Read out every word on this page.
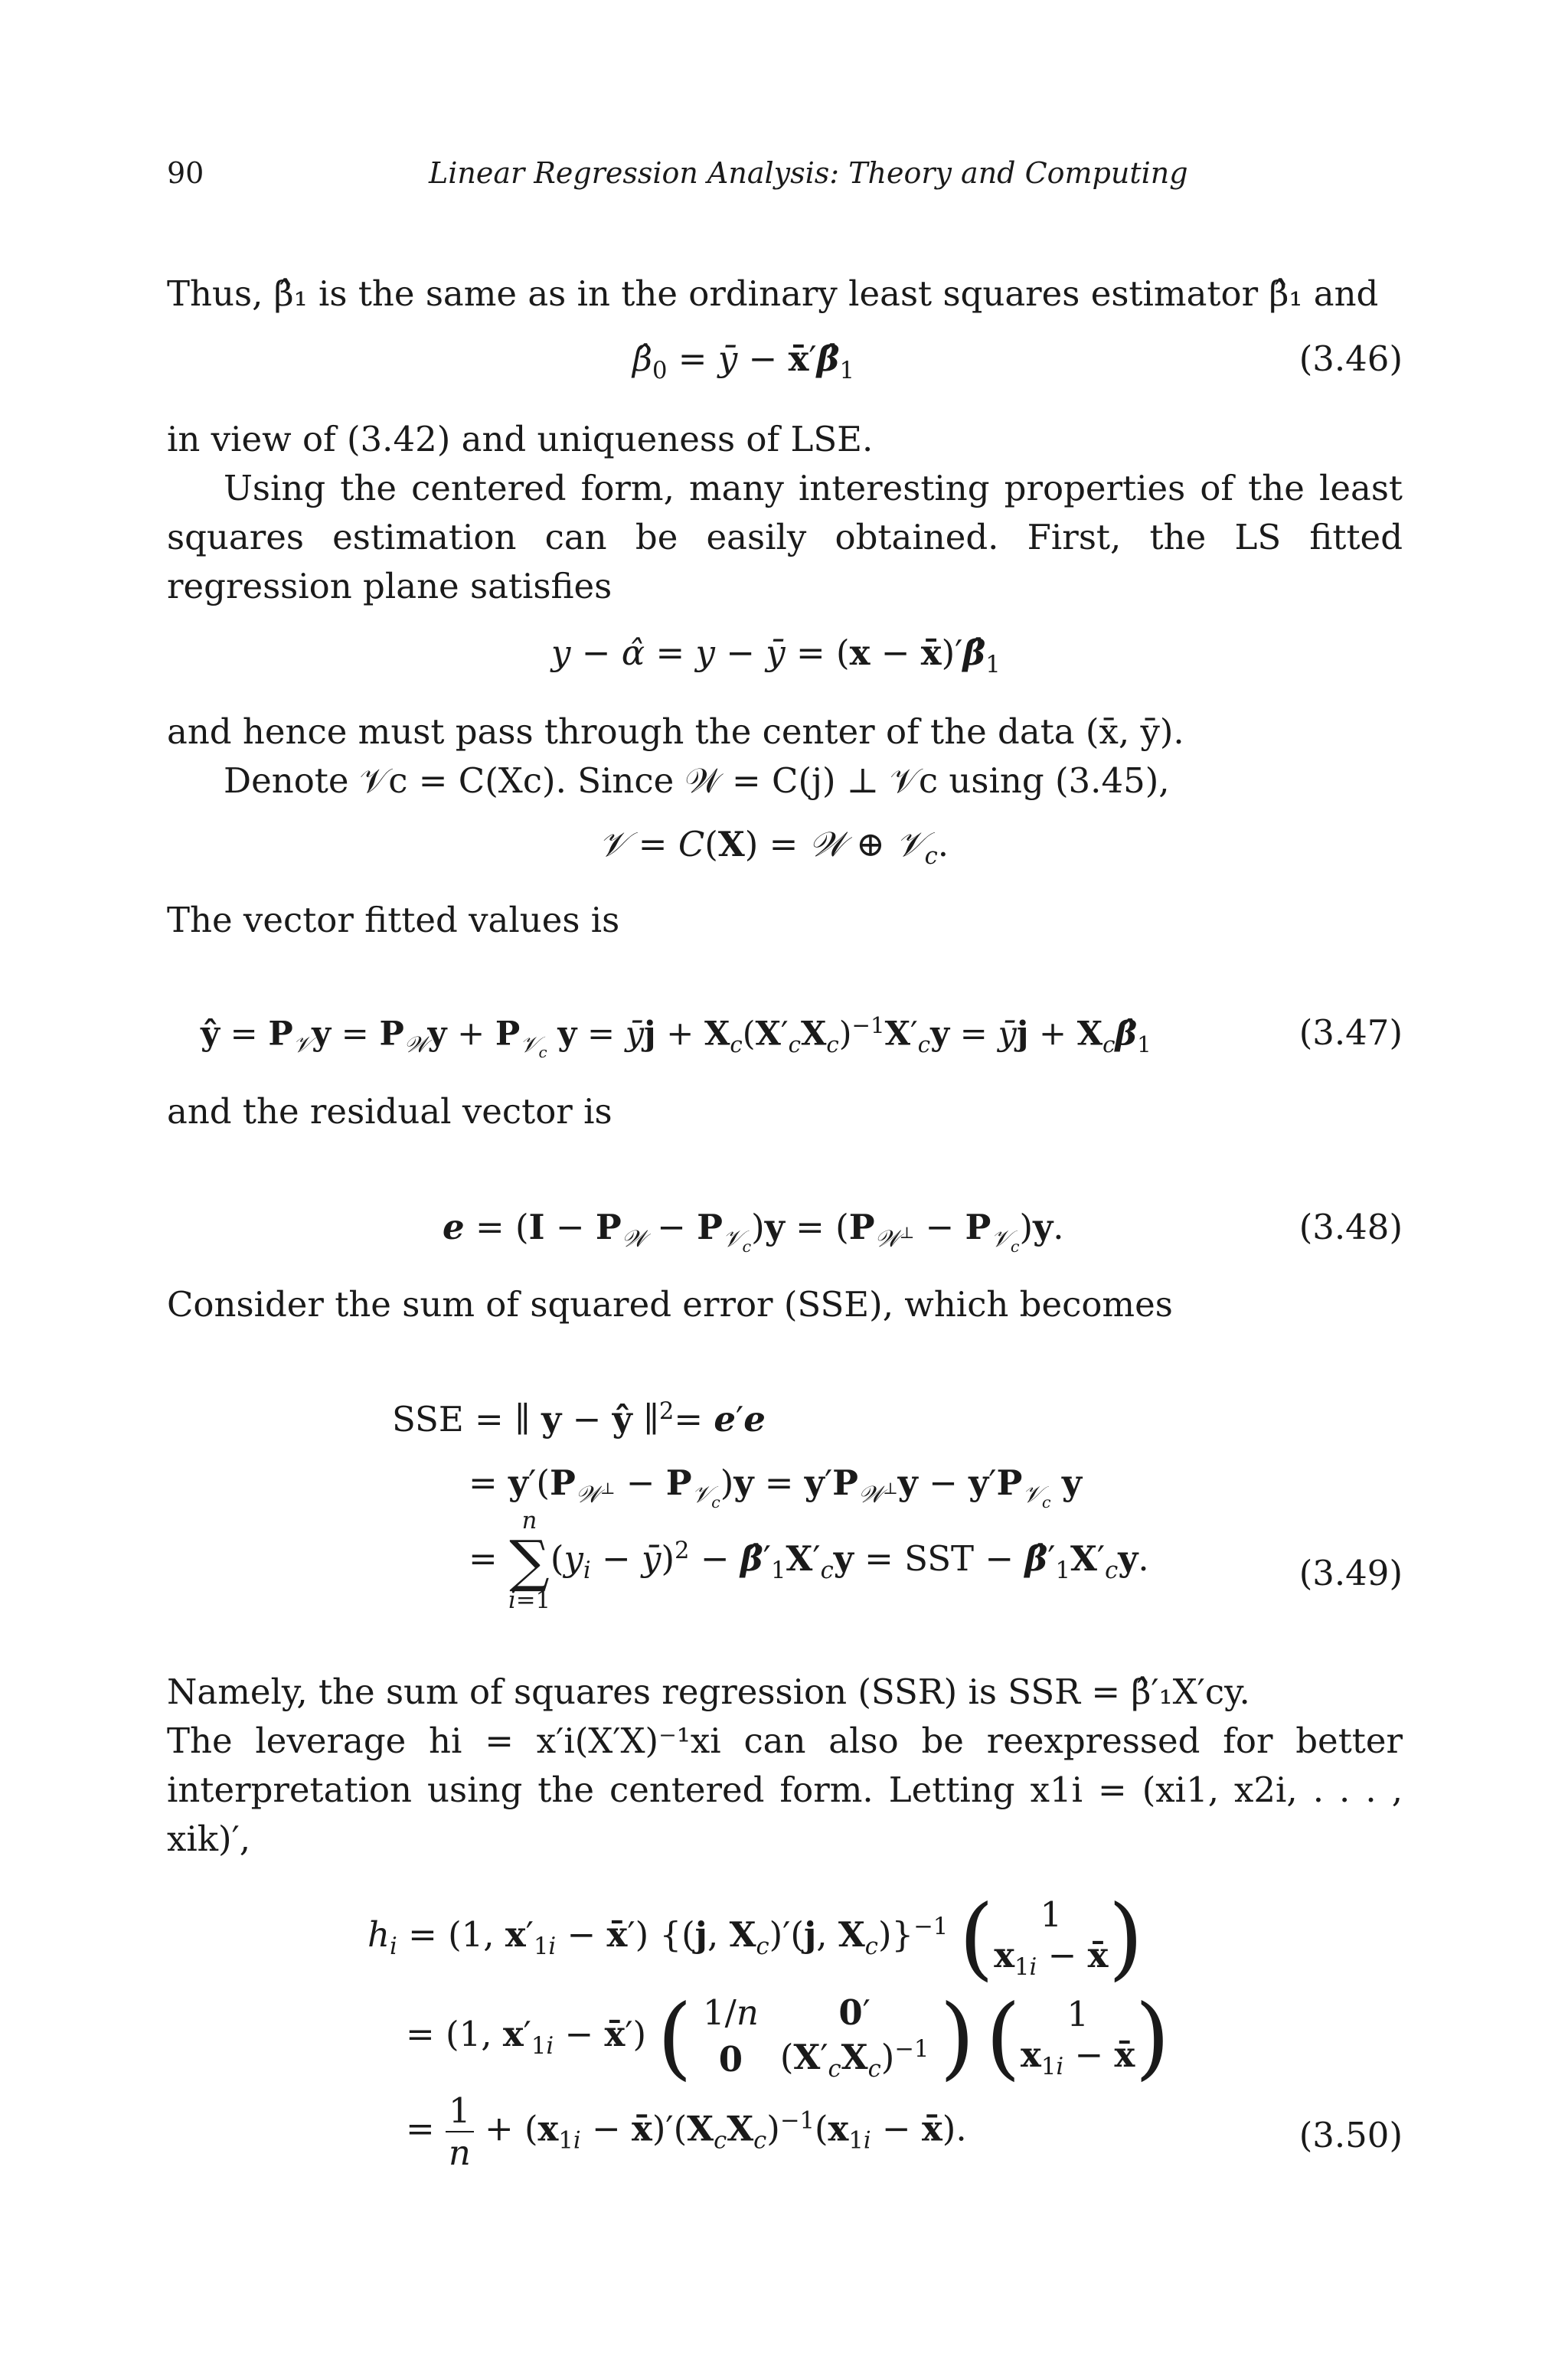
90	Linear Regression Analysis: Theory and Computing
Thus, β̂₁ is the same as in the ordinary least squares estimator β̂₁ and
$\betâ_0$ = ȳ − $x̄'\betâ_1$	(3.46)
in view of (3.42) and uniqueness of LSE.
Using the centered form, many interesting properties of the least squares estimation can be easily obtained. First, the LS fitted regression plane satisfies
y − α̂ = y − ȳ = $(x - x̄)'\betâ_1$
and hence must pass through the center of the data (x̄, ȳ).
Denote 𝒱c = C(Xc). Since 𝒲 = C(j) ⊥ 𝒱c using (3.45),
𝒱 = C(X) = 𝒲 ⊕ 𝒱$_c$.
The vector fitted values is
ŷ = $P_𝒱y = P_𝒲y + P_{𝒱_c}$ y = ȳj + $X_c(X'_cX_c)^{-1}X'_cy$ = ȳj + $X_c\betâ_1$	(3.47)
and the residual vector is
$e = (I - P_𝒲 - P_{𝒱_c})y = (P_{𝒲^\perp} - P_{𝒱_c})y$.	(3.48)
Consider the sum of squared error (SSE), which becomes
SSE = ∥ y − ŷ ∥$^2$= e′e
= $y'(P_{𝒲^\perp} - P_{𝒱_c})y = y'P_{𝒲^\perp}y - y'P_{𝒱_c}$ y
= n
∑
$i=1(y_i$ − ȳ)$^2$ − $\betâ'_1X'_cy$ = SST − $\betâ'_1X'_cy$.	(3.49)
Namely, the sum of squares regression (SSR) is SSR = β̂′₁X′cy.
The leverage hi = x′i(X′X)⁻¹xi can also be reexpressed for better interpretation using the centered form. Letting x1i = (xi1, x2i, . . . , xik)′,
$h_i = (1$, $x'_{1i}$ − x̄′) {(j, $X_c)'(j$, $X_c)\}^{-1}$ (	1
$x_{1i}$ − x̄ )
= (1, $x'_{1i}$ − x̄′) ( 1/n	0′
0	$(X'_cX_c)^{-1}$ ) (	1
$x_{1i}$ − x̄ )
= $\frac{1}{n} + (x_{1i}$ − $x̄)'(X_cX_c)^{-1}(x_{1i}$ − x̄).	(3.50)
